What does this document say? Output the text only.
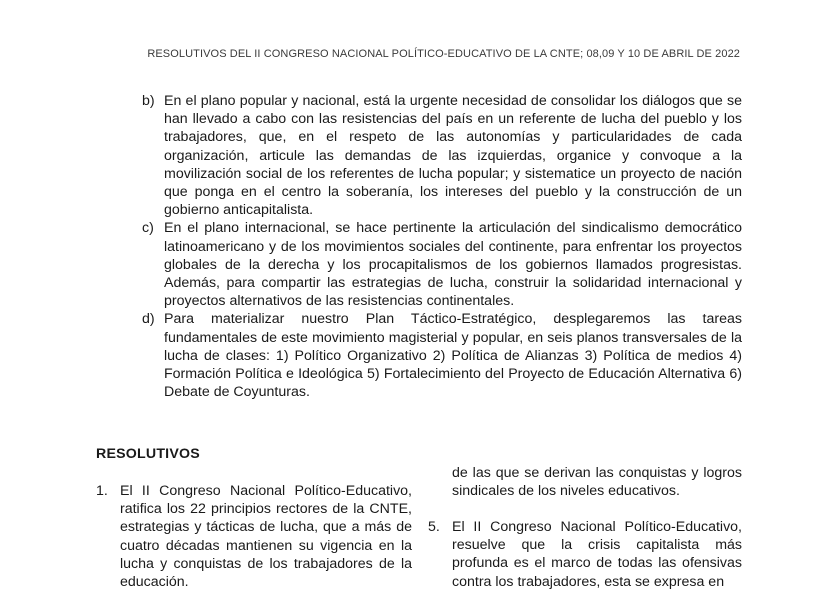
RESOLUTIVOS DEL II CONGRESO NACIONAL POLÍTICO-EDUCATIVO DE LA CNTE; 08,09 Y 10 DE ABRIL DE 2022
b) En el plano popular y nacional, está la urgente necesidad de consolidar los diálogos que se han llevado a cabo con las resistencias del país en un referente de lucha del pueblo y los trabajadores, que, en el respeto de las autonomías y particularidades de cada organización, articule las demandas de las izquierdas, organice y convoque a la movilización social de los referentes de lucha popular; y sistematice un proyecto de nación que ponga en el centro la soberanía, los intereses del pueblo y la construcción de un gobierno anticapitalista.
c) En el plano internacional, se hace pertinente la articulación del sindicalismo democrático latinoamericano y de los movimientos sociales del continente, para enfrentar los proyectos globales de la derecha y los procapitalismos de los gobiernos llamados progresistas. Además, para compartir las estrategias de lucha, construir la solidaridad internacional y proyectos alternativos de las resistencias continentales.
d) Para materializar nuestro Plan Táctico-Estratégico, desplegaremos las tareas fundamentales de este movimiento magisterial y popular, en seis planos transversales de la lucha de clases: 1) Político Organizativo 2) Política de Alianzas 3) Política de medios 4) Formación Política e Ideológica 5) Fortalecimiento del Proyecto de Educación Alternativa 6) Debate de Coyunturas.
RESOLUTIVOS
1. El II Congreso Nacional Político-Educativo, ratifica los 22 principios rectores de la CNTE, estrategias y tácticas de lucha, que a más de cuatro décadas mantienen su vigencia en la lucha y conquistas de los trabajadores de la educación.
de las que se derivan las conquistas y logros sindicales de los niveles educativos.
5. El II Congreso Nacional Político-Educativo, resuelve que la crisis capitalista más profunda es el marco de todas las ofensivas contra los trabajadores, esta se expresa en
